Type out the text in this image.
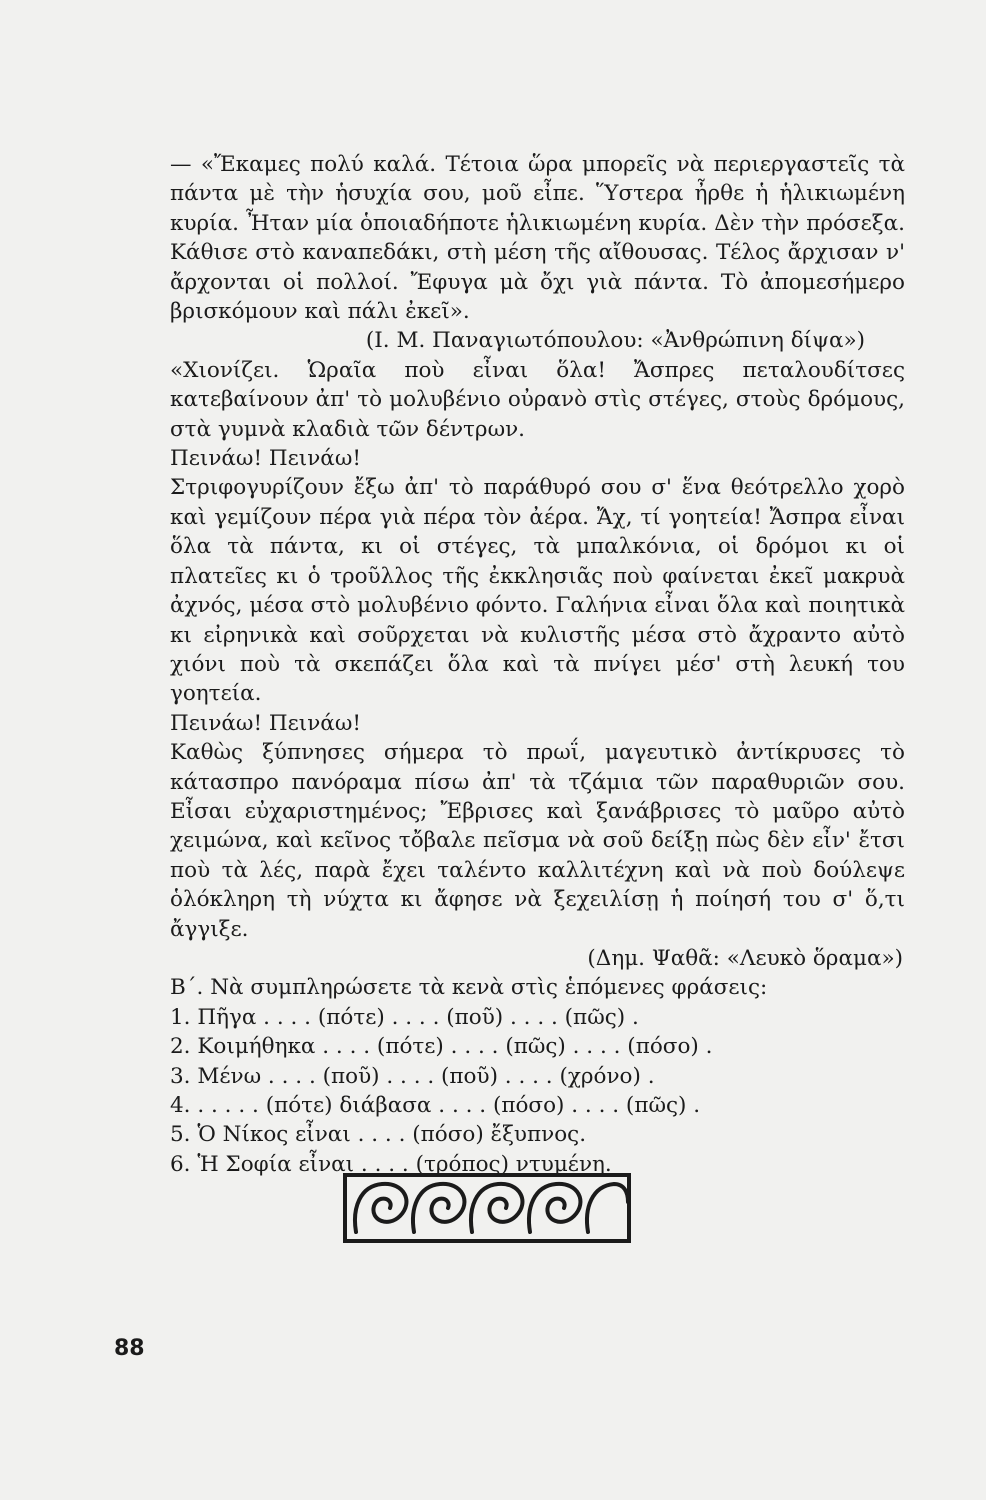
— «Ἔκαμες πολύ καλά. Τέτοια ὥρα μπορεῖς νὰ περιεργαστεῖς τὰ πάντα μὲ τὴν ἡσυχία σου, μοῦ εἶπε. Ὕστερα ἦρθε ἡ ἡλικιωμένη κυρία. Ἦταν μία ὁποιαδήποτε ἡλικιωμένη κυρία. Δὲν τὴν πρόσεξα. Κάθισε στὸ καναπεδάκι, στὴ μέση τῆς αἴθουσας. Τέλος ἄρχισαν ν' ἄρχονται οἱ πολλοί. Ἔφυγα μὰ ὄχι γιὰ πάντα. Τὸ ἀπομεσήμερο βρισκόμουν καὶ πάλι ἐκεῖ».

(Ι. Μ. Παναγιωτόπουλου: «Ἀνθρώπινη δίψα»)

«Χιονίζει. Ὡραῖα ποὺ εἶναι ὅλα! Ἄσπρες πεταλουδίτσες κατεβαίνουν ἀπ' τὸ μολυβένιο οὐρανὸ στὶς στέγες, στοὺς δρόμους, στὰ γυμνὰ κλαδιὰ τῶν δέντρων.

Πεινάω! Πεινάω!

Στριφογυρίζουν ἔξω ἀπ' τὸ παράθυρό σου σ' ἕνα θεότρελλο χορὸ καὶ γεμίζουν πέρα γιὰ πέρα τὸν ἀέρα. Ἄχ, τί γοητεία! Ἄσπρα εἶναι ὅλα τὰ πάντα, κι οἱ στέγες, τὰ μπαλκόνια, οἱ δρόμοι κι οἱ πλατεῖες κι ὁ τροῦλλος τῆς ἐκκλησιᾶς ποὺ φαίνεται ἐκεῖ μακρυὰ ἀχνός, μέσα στὸ μολυβένιο φόντο. Γαλήνια εἶναι ὅλα καὶ ποιητικὰ κι εἰρηνικὰ καὶ σοῦρχεται νὰ κυλιστῆς μέσα στὸ ἄχραντο αὐτὸ χιόνι ποὺ τὰ σκεπάζει ὅλα καὶ τὰ πνίγει μέσ' στὴ λευκή του γοητεία.

Πεινάω! Πεινάω!

Καθὼς ξύπνησες σήμερα τὸ πρωΐ, μαγευτικὸ ἀντίκρυσες τὸ κάτασπρο πανόραμα πίσω ἀπ' τὰ τζάμια τῶν παραθυριῶν σου. Εἶσαι εὐχαριστημένος; Ἔβρισες καὶ ξανάβρισες τὸ μαῦρο αὐτὸ χειμώνα, καὶ κεῖνος τὄβαλε πεῖσμα νὰ σοῦ δείξῃ πὼς δὲν εἶν' ἔτσι ποὺ τὰ λές, παρὰ ἔχει ταλέντο καλλιτέχνη καὶ νὰ ποὺ δούλεψε ὁλόκληρη τὴ νύχτα κι ἄφησε νὰ ξεχειλίσῃ ἡ ποίησή του σ' ὅ,τι ἄγγιξε.

(Δημ. Ψαθᾶ: «Λευκὸ ὅραμα»)

Β΄. Νὰ συμπληρώσετε τὰ κενὰ στὶς ἑπόμενες φράσεις:

1. Πῆγα . . . . (πότε) . . . . (ποῦ) . . . . (πῶς) .
2. Κοιμήθηκα . . . . (πότε) . . . . (πῶς) . . . . (πόσο) .
3. Μένω . . . . (ποῦ) . . . . (ποῦ) . . . . (χρόνο) .
4. . . . . . (πότε) διάβασα . . . . (πόσο) . . . . (πῶς) .
5. Ὁ Νίκος εἶναι . . . . (πόσο) ἔξυπνος.
6. Ἡ Σοφία εἶναι . . . . (τρόπος) ντυμένη.
88
